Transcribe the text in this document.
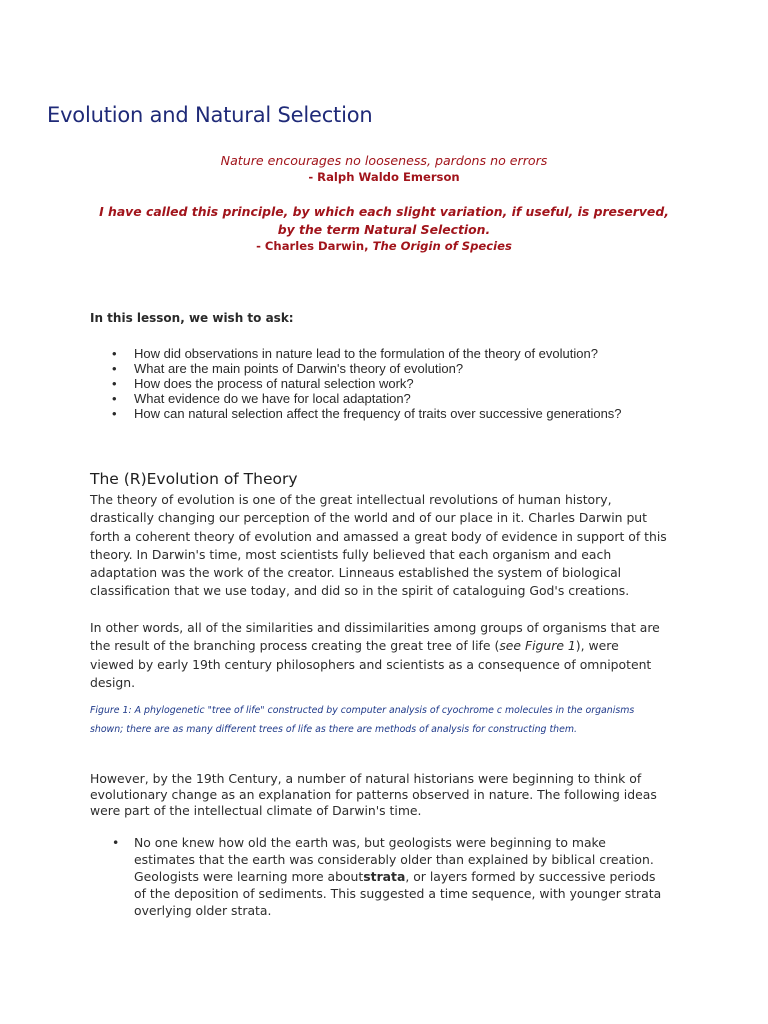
Evolution and Natural Selection
Nature encourages no looseness, pardons no errors
- Ralph Waldo Emerson
I have called this principle, by which each slight variation, if useful, is preserved,
by the term Natural Selection.
- Charles Darwin, The Origin of Species
In this lesson, we wish to ask:
• How did observations in nature lead to the formulation of the theory of evolution?
• What are the main points of Darwin's theory of evolution?
• How does the process of natural selection work?
• What evidence do we have for local adaptation?
• How can natural selection affect the frequency of traits over successive generations?
The (R)Evolution of Theory

The theory of evolution is one of the great intellectual revolutions of human history,
drastically changing our perception of the world and of our place in it. Charles Darwin put
forth a coherent theory of evolution and amassed a great body of evidence in support of this
theory. In Darwin's time, most scientists fully believed that each organism and each
adaptation was the work of the creator. Linneaus established the system of biological
classification that we use today, and did so in the spirit of cataloguing God's creations.

In other words, all of the similarities and dissimilarities among groups of organisms that are
the result of the branching process creating the great tree of life (see Figure 1), were
viewed by early 19th century philosophers and scientists as a consequence of omnipotent
design.

Figure 1: A phylogenetic "tree of life" constructed by computer analysis of cyochrome c molecules in the organisms
shown; there are as many different trees of life as there are methods of analysis for constructing them.

However, by the 19th Century, a number of natural historians were beginning to think of
evolutionary change as an explanation for patterns observed in nature. The following ideas
were part of the intellectual climate of Darwin's time.

• No one knew how old the earth was, but geologists were beginning to make
estimates that the earth was considerably older than explained by biblical creation.
Geologists were learning more aboutstrata, or layers formed by successive periods
of the deposition of sediments. This suggested a time sequence, with younger strata
overlying older strata.
